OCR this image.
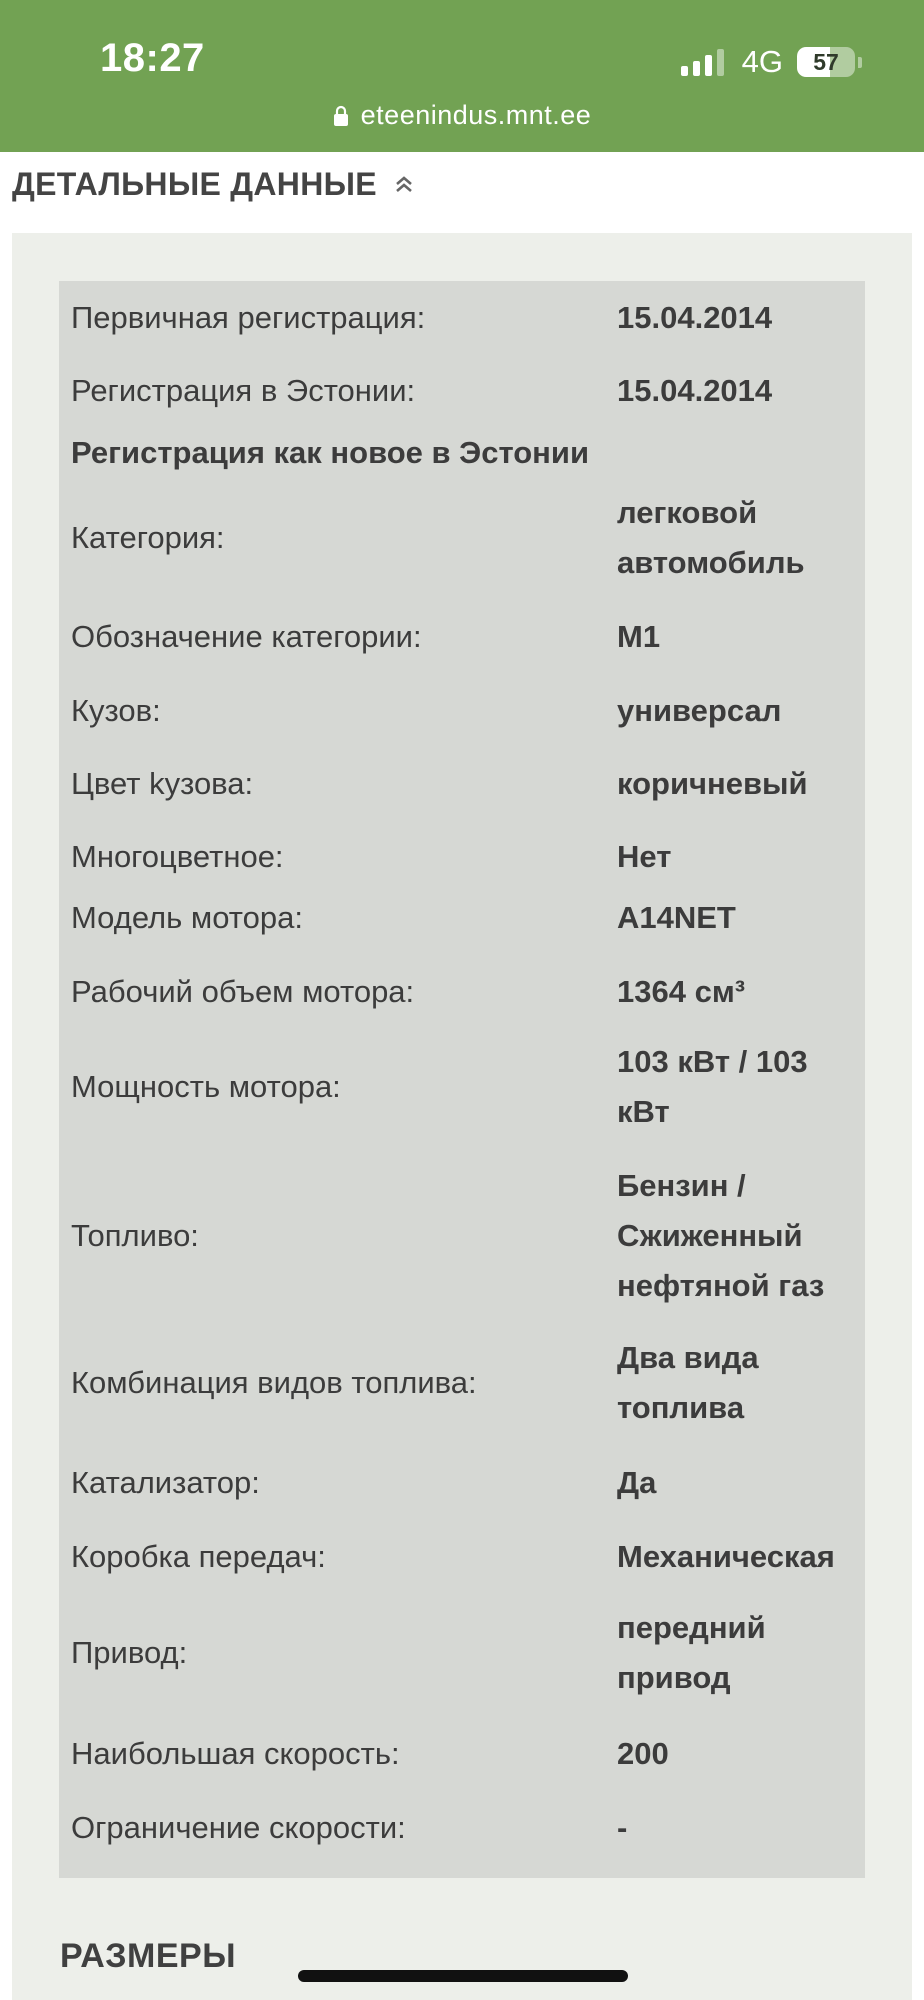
18:27	4G	57
eteenindus.mnt.ee
ДЕТАЛЬНЫЕ ДАННЫЕ
Первичная регистрация:	15.04.2014
Регистрация в Эстонии:	15.04.2014
Регистрация как новое в Эстонии
Категория:
легковой автомобиль
Обозначение категории:	M1
Кузов:	универсал
Цвет kузова:	коричневый
Многоцветное:	Нет
Модель мотора:	A14NET
Рабочий объем мотора:	1364 см³
Мощность мотора:
103 кВт / 103 кВт
Топливо:
Бензин / Сжиженный нефтяной газ
Комбинация видов топлива:
Два вида топлива
Катализатор:	Да
Коробка передач:	Механическая
Привод:
передний привод
Наибольшая скорость:	200
Ограничение скорости:	-
РАЗМЕРЫ
